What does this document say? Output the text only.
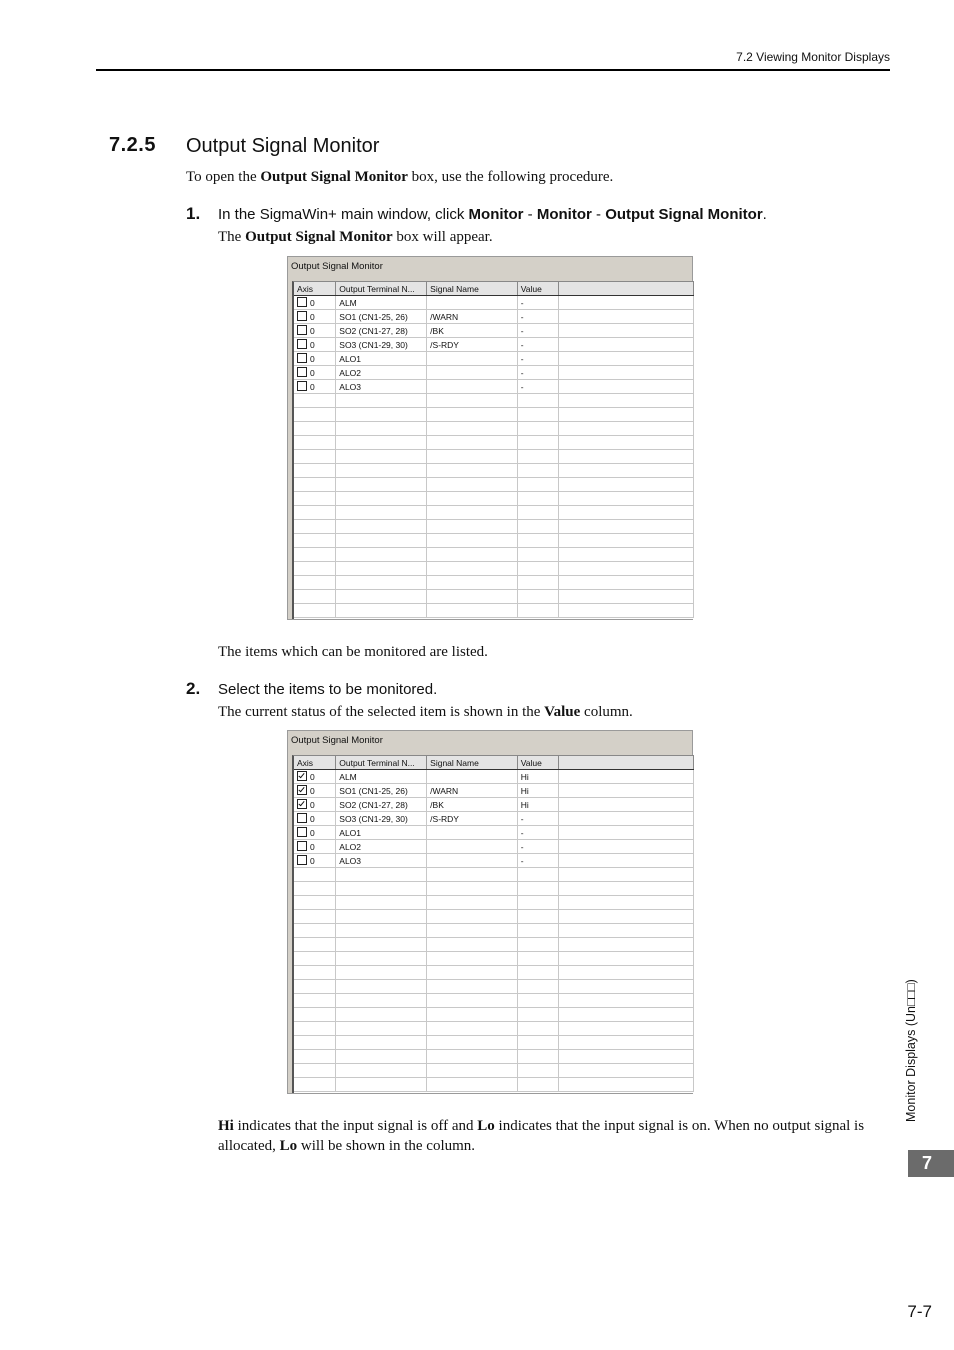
7.2 Viewing Monitor Displays
7.2.5 Output Signal Monitor
To open the Output Signal Monitor box, use the following procedure.
1. In the SigmaWin+ main window, click Monitor - Monitor - Output Signal Monitor.
The Output Signal Monitor box will appear.
Output Signal Monitor
Axis	Output Terminal N...	Signal Name	Value	
0	ALM		-	
0	SO1 (CN1-25, 26)	/WARN	-	
0	SO2 (CN1-27, 28)	/BK	-	
0	SO3 (CN1-29, 30)	/S-RDY	-	
0	ALO1		-	
0	ALO2		-	
0	ALO3		-	

The items which can be monitored are listed.
2. Select the items to be monitored.
The current status of the selected item is shown in the Value column.
Output Signal Monitor
Axis	Output Terminal N...	Signal Name	Value	
0	ALM		Hi	
0	SO1 (CN1-25, 26)	/WARN	Hi	
0	SO2 (CN1-27, 28)	/BK	Hi	
0	SO3 (CN1-29, 30)	/S-RDY	-	
0	ALO1		-	
0	ALO2		-	
0	ALO3		-	

Hi indicates that the input signal is off and Lo indicates that the input signal is on. When no output signal is allocated, Lo will be shown in the column.
Monitor Displays (Un□□□)
7
7-7
